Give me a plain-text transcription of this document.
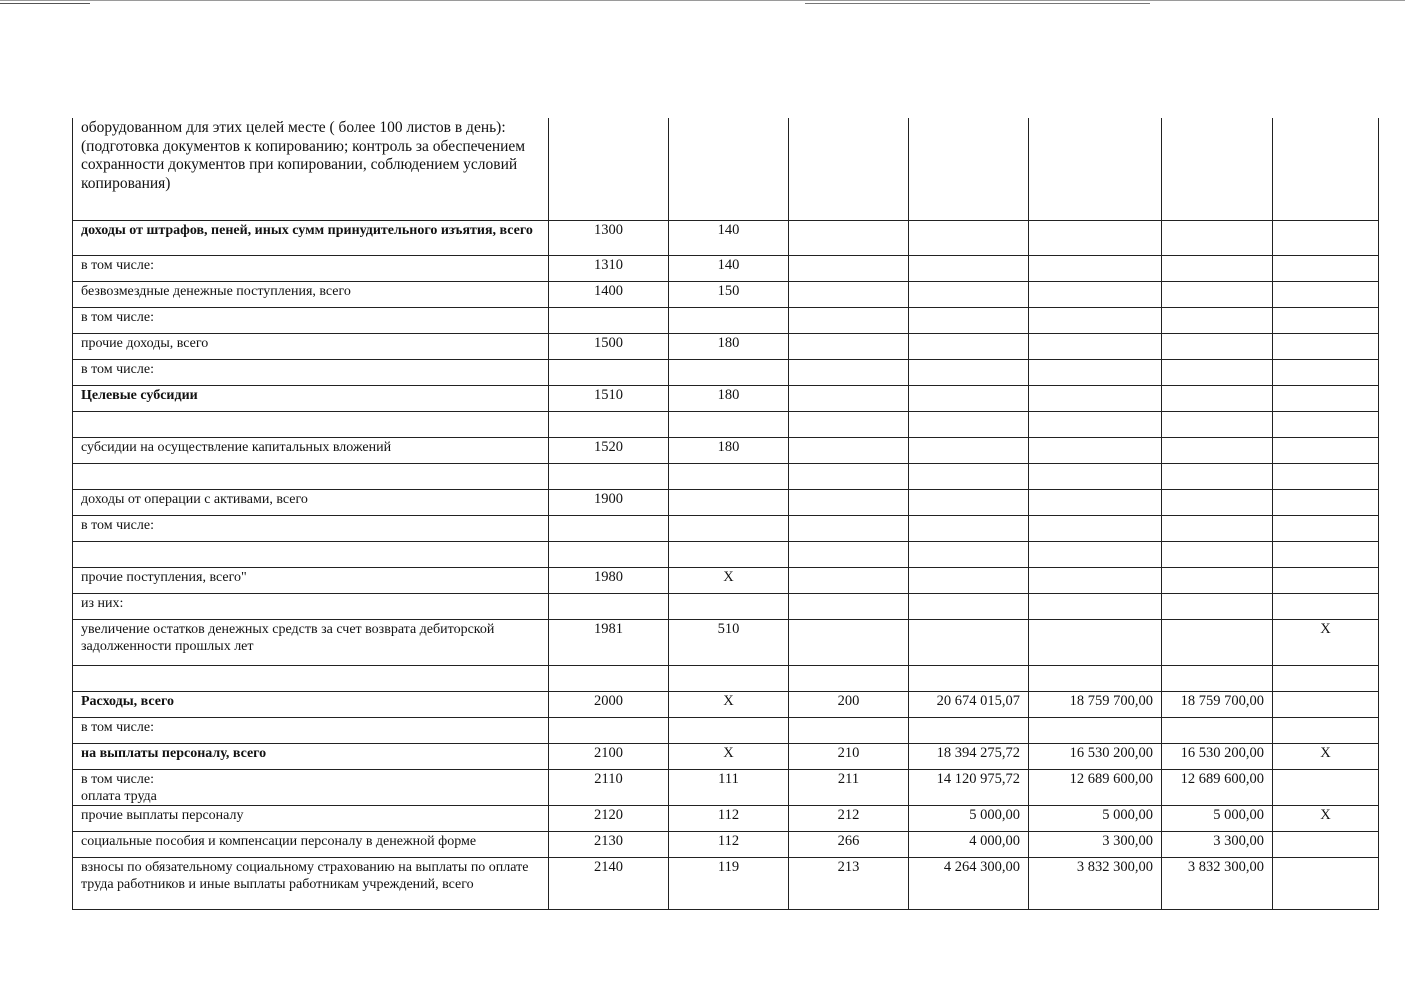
оборудованном для этих целей месте ( более 100 листов в день):(подготовка документов к копированию; контроль за обеспечением сохранности документов при копировании, соблюдением условий копирования)							
доходы от штрафов, пеней, иных сумм принудительного изъятия, всего	1300	140					
в том числе:	1310	140					
безвозмездные денежные поступления, всего	1400	150					
в том числе:							
прочие доходы, всего	1500	180					
в том числе:							
Целевые субсидии	1510	180					

субсидии на осуществление капитальных вложений	1520	180					

доходы от операции с активами, всего	1900						
в том числе:							

прочие поступления, всего"	1980	X					
из них:							
увеличение остатков денежных средств за счет возврата дебиторской задолженности прошлых лет	1981	510					X

Расходы, всего	2000	X	200	20 674 015,07	18 759 700,00	18 759 700,00	
в том числе:							
на выплаты персоналу, всего	2100	X	210	18 394 275,72	16 530 200,00	16 530 200,00	X
в том числе:
оплата труда	2110	111	211	14 120 975,72	12 689 600,00	12 689 600,00	
прочие выплаты персоналу	2120	112	212	5 000,00	5 000,00	5 000,00	X
социальные пособия и компенсации персоналу в денежной форме	2130	112	266	4 000,00	3 300,00	3 300,00	
взносы по обязательному социальному страхованию на выплаты по оплате труда работников и иные выплаты работникам учреждений, всего	2140	119	213	4 264 300,00	3 832 300,00	3 832 300,00	
